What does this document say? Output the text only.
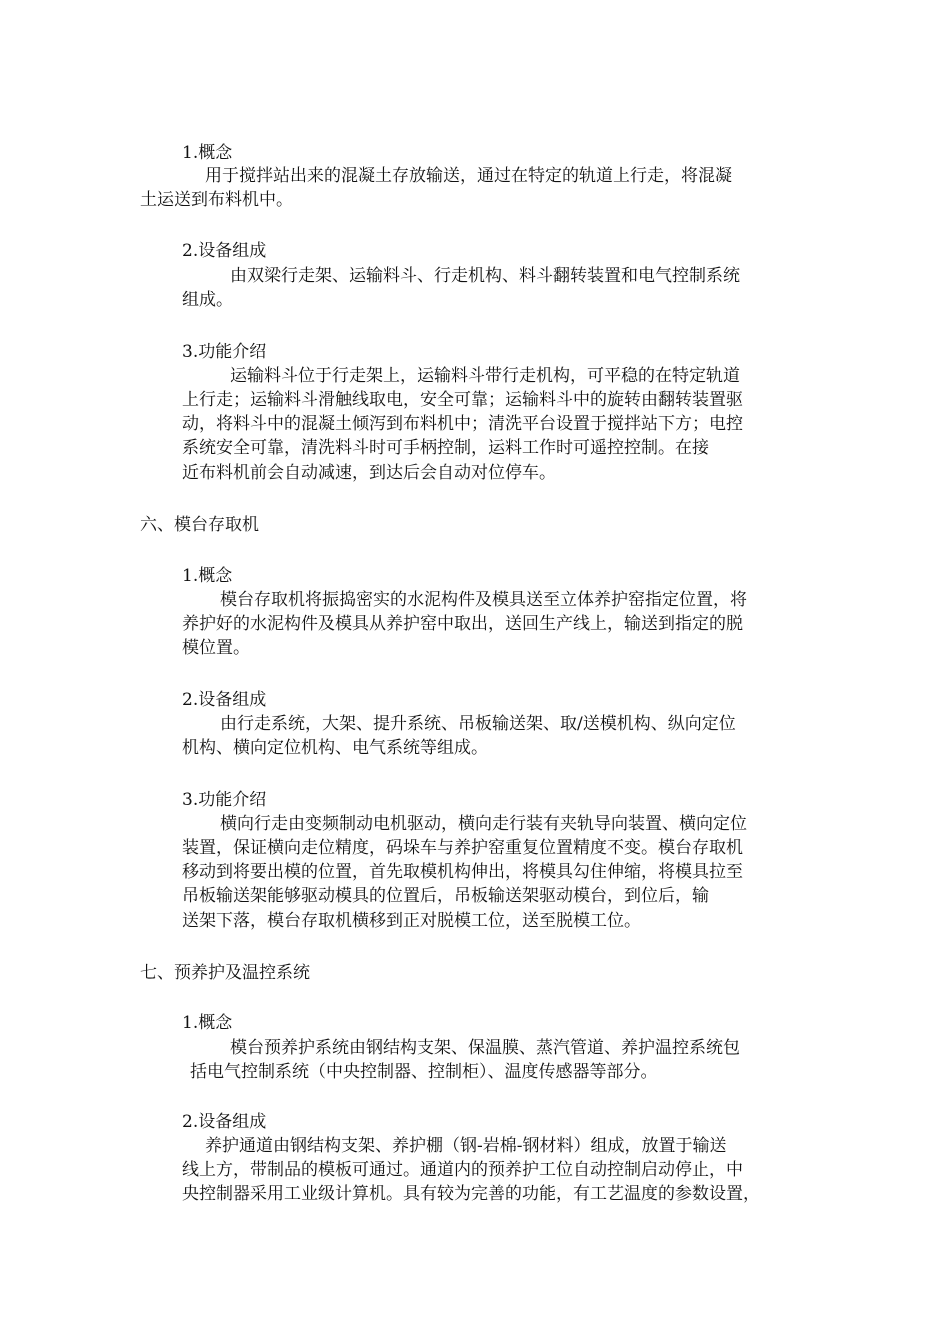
1.概念
用于搅拌站出来的混凝土存放输送，通过在特定的轨道上行走，将混凝
土运送到布料机中。
2.设备组成
由双梁行走架、运输料斗、行走机构、料斗翻转装置和电气控制系统
组成。
3.功能介绍
运输料斗位于行走架上，运输料斗带行走机构，可平稳的在特定轨道
上行走；运输料斗滑触线取电，安全可靠；运输料斗中的旋转由翻转装置驱
动，将料斗中的混凝土倾泻到布料机中；清洗平台设置于搅拌站下方；电控
系统安全可靠，清洗料斗时可手柄控制，运料工作时可遥控控制。在接
近布料机前会自动减速，到达后会自动对位停车。
六、模台存取机
1.概念
模台存取机将振捣密实的水泥构件及模具送至立体养护窑指定位置，将
养护好的水泥构件及模具从养护窑中取出，送回生产线上，输送到指定的脱
模位置。
2.设备组成
由行走系统，大架、提升系统、吊板输送架、取/送模机构、纵向定位
机构、横向定位机构、电气系统等组成。
3.功能介绍
横向行走由变频制动电机驱动，横向走行装有夹轨导向装置、横向定位
装置，保证横向走位精度，码垛车与养护窑重复位置精度不变。模台存取机
移动到将要出模的位置，首先取模机构伸出，将模具勾住伸缩，将模具拉至
吊板输送架能够驱动模具的位置后，吊板输送架驱动模台，到位后，输
送架下落，模台存取机横移到正对脱模工位，送至脱模工位。
七、预养护及温控系统
1.概念
模台预养护系统由钢结构支架、保温膜、蒸汽管道、养护温控系统包
括电气控制系统（中央控制器、控制柜）、温度传感器等部分。
2.设备组成
养护通道由钢结构支架、养护棚（钢-岩棉-钢材料）组成，放置于输送
线上方，带制品的模板可通过。通道内的预养护工位自动控制启动停止，中
央控制器采用工业级计算机。具有较为完善的功能，有工艺温度的参数设置，
